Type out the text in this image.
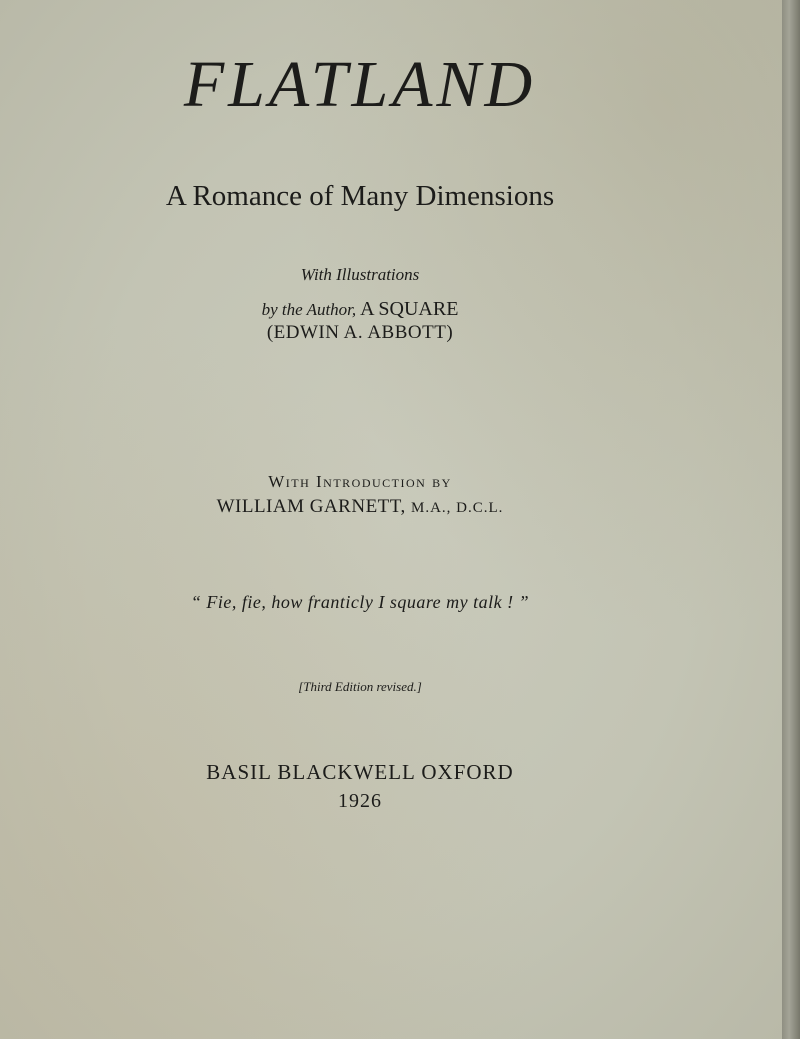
FLATLAND
A Romance of Many Dimensions
With Illustrations
by the Author, A SQUARE
(EDWIN A. ABBOTT)
With Introduction by
WILLIAM GARNETT, M.A., D.C.L.
“ Fie, fie, how franticly I square my talk ! ”
[Third Edition revised.]
BASIL BLACKWELL OXFORD
1926
